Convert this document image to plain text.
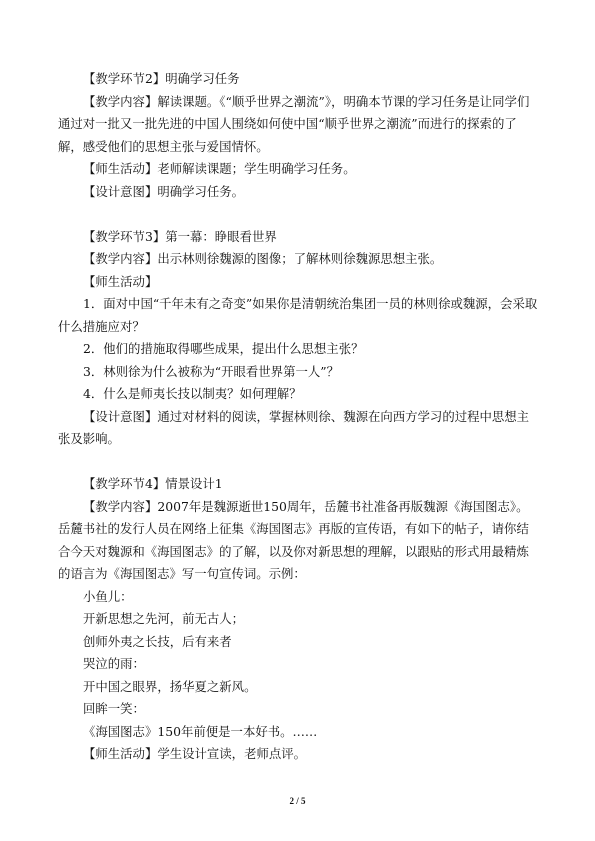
【教学环节2】明确学习任务

【教学内容】解读课题。《“顺乎世界之潮流”》，明确本节课的学习任务是让同学们通过对一批又一批先进的中国人围绕如何使中国“顺乎世界之潮流”而进行的探索的了解，感受他们的思想主张与爱国情怀。

【师生活动】老师解读课题；学生明确学习任务。

【设计意图】明确学习任务。

【教学环节3】第一幕：睁眼看世界

【教学内容】出示林则徐魏源的图像；了解林则徐魏源思想主张。

【师生活动】

1．面对中国“千年未有之奇变”如果你是清朝统治集团一员的林则徐或魏源，会采取什么措施应对？

2．他们的措施取得哪些成果，提出什么思想主张？

3．林则徐为什么被称为“开眼看世界第一人”？

4．什么是师夷长技以制夷？如何理解？

【设计意图】通过对材料的阅读，掌握林则徐、魏源在向西方学习的过程中思想主张及影响。

【教学环节4】情景设计1

【教学内容】2007年是魏源逝世150周年，岳麓书社准备再版魏源《海国图志》。岳麓书社的发行人员在网络上征集《海国图志》再版的宣传语，有如下的帖子，请你结合今天对魏源和《海国图志》的了解，以及你对新思想的理解，以跟贴的形式用最精炼的语言为《海国图志》写一句宣传词。示例：

小鱼儿：

开新思想之先河，前无古人；

创师外夷之长技，后有来者

哭泣的雨：

开中国之眼界，扬华夏之新风。

回眸一笑：

《海国图志》150年前便是一本好书。……

【师生活动】学生设计宣读，老师点评。

2 / 5
